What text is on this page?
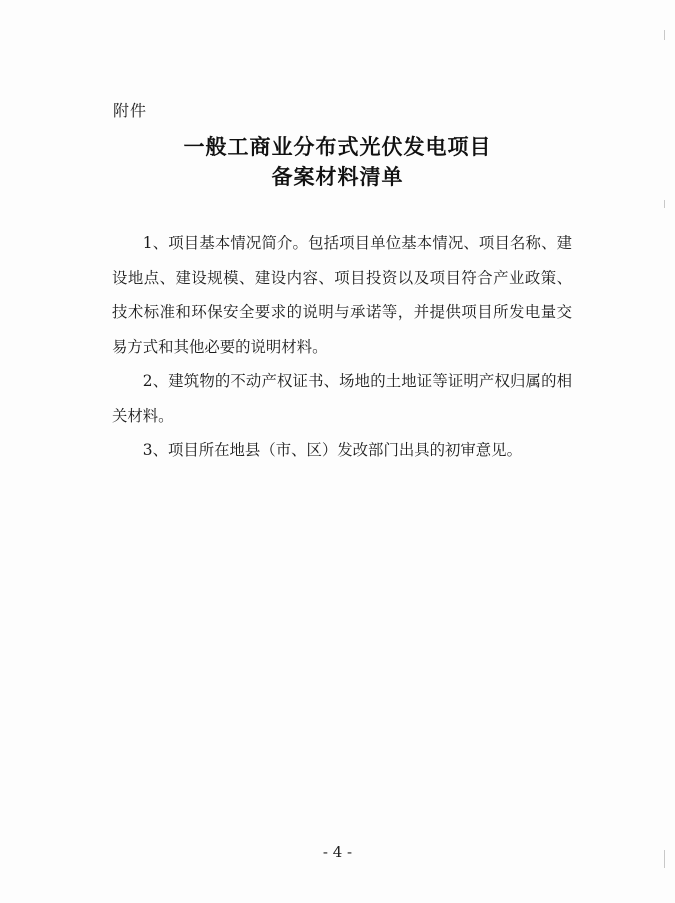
附件
一般工商业分布式光伏发电项目
备案材料清单

1、项目基本情况简介。包括项目单位基本情况、项目名称、建设地点、建设规模、建设内容、项目投资以及项目符合产业政策、技术标准和环保安全要求的说明与承诺等，并提供项目所发电量交易方式和其他必要的说明材料。

2、建筑物的不动产权证书、场地的土地证等证明产权归属的相关材料。

3、项目所在地县（市、区）发改部门出具的初审意见。

- 4 -
